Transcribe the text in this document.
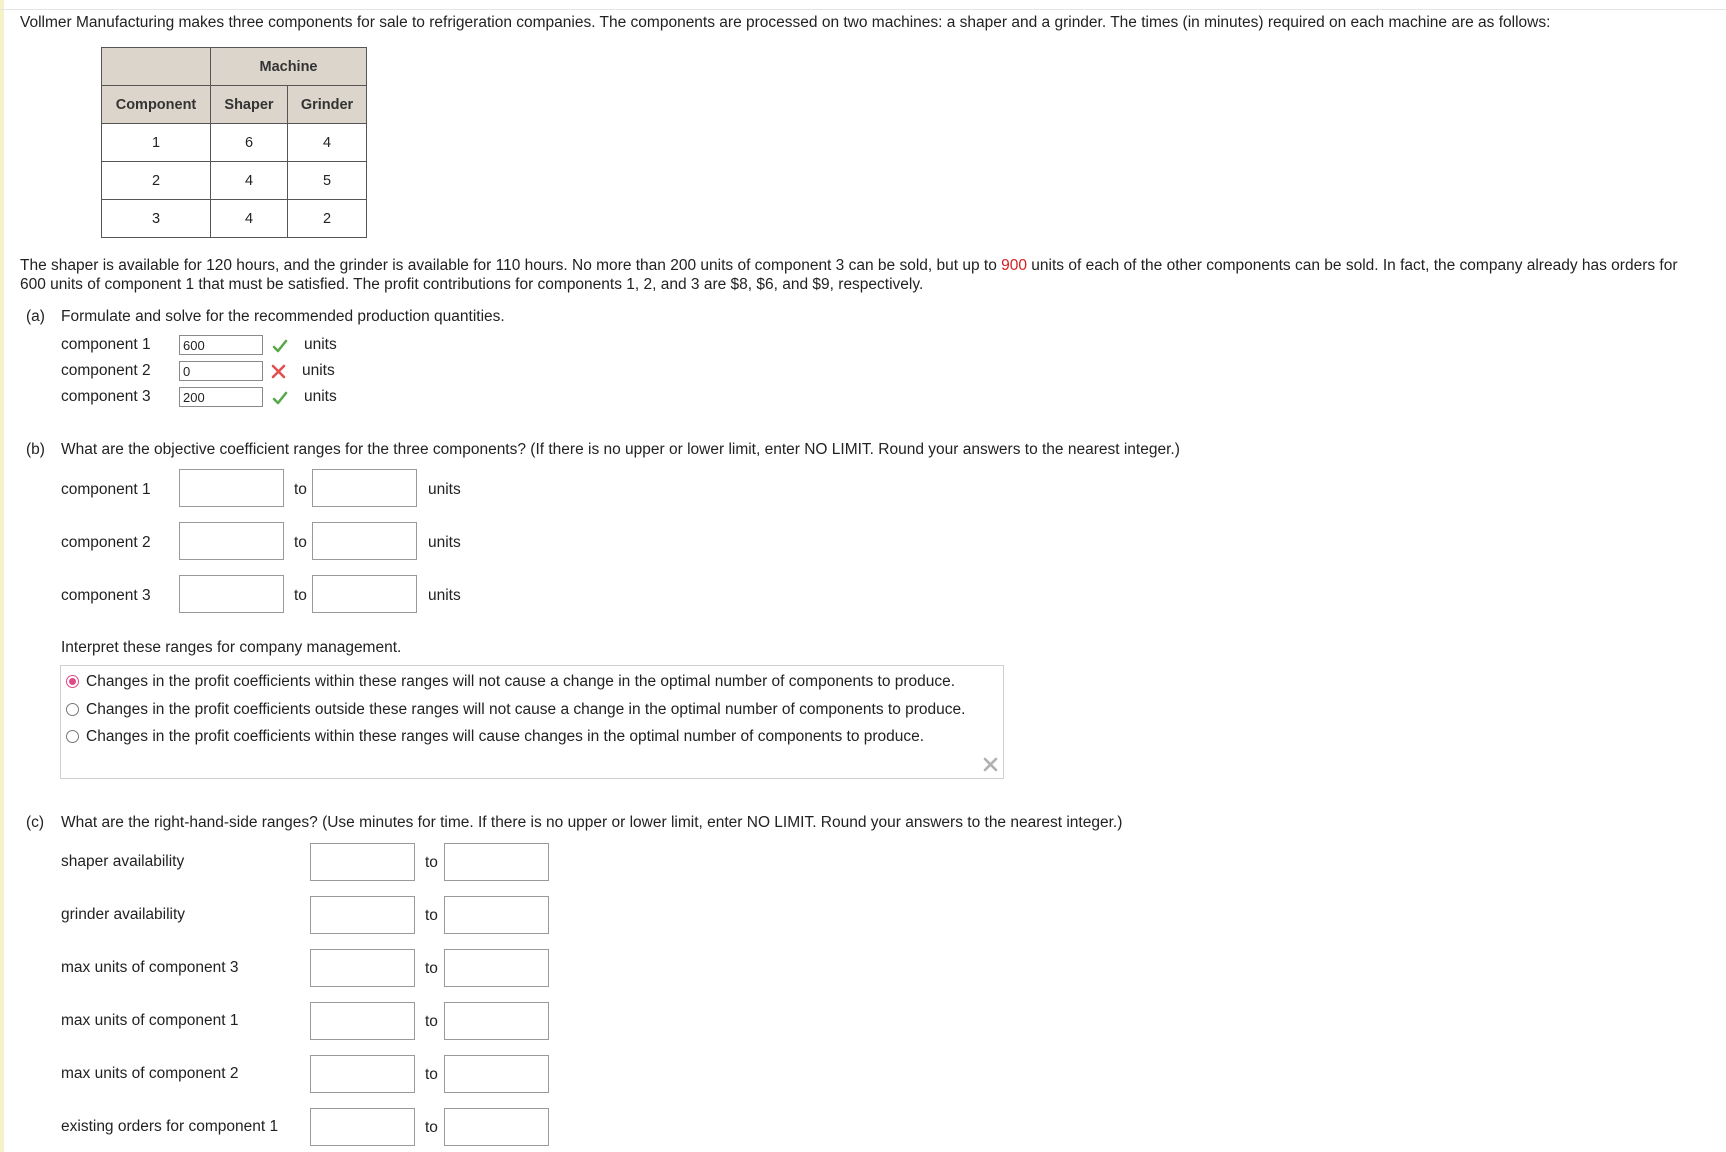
Vollmer Manufacturing makes three components for sale to refrigeration companies. The components are processed on two machines: a shaper and a grinder. The times (in minutes) required on each machine are as follows:
	Machine	
Component	Shaper	Grinder
1	6	4
2	4	5
3	4	2
The shaper is available for 120 hours, and the grinder is available for 110 hours. No more than 200 units of component 3 can be sold, but up to 900 units of each of the other components can be sold. In fact, the company already has orders for
600 units of component 1 that must be satisfied. The profit contributions for components 1, 2, and 3 are $8, $6, and $9, respectively.
(a) Formulate and solve for the recommended production quantities.
component 1
600	units
component 2
0	units
component 3
200	units
(b) What are the objective coefficient ranges for the three components? (If there is no upper or lower limit, enter NO LIMIT. Round your answers to the nearest integer.)
component 1	to	units
component 2	to	units
component 3	to	units
Interpret these ranges for company management.
Changes in the profit coefficients within these ranges will not cause a change in the optimal number of components to produce.
Changes in the profit coefficients outside these ranges will not cause a change in the optimal number of components to produce.
Changes in the profit coefficients within these ranges will cause changes in the optimal number of components to produce.
(c) What are the right-hand-side ranges? (Use minutes for time. If there is no upper or lower limit, enter NO LIMIT. Round your answers to the nearest integer.)
shaper availability	to
grinder availability	to
max units of component 3	to
max units of component 1	to
max units of component 2	to
existing orders for component 1	to
